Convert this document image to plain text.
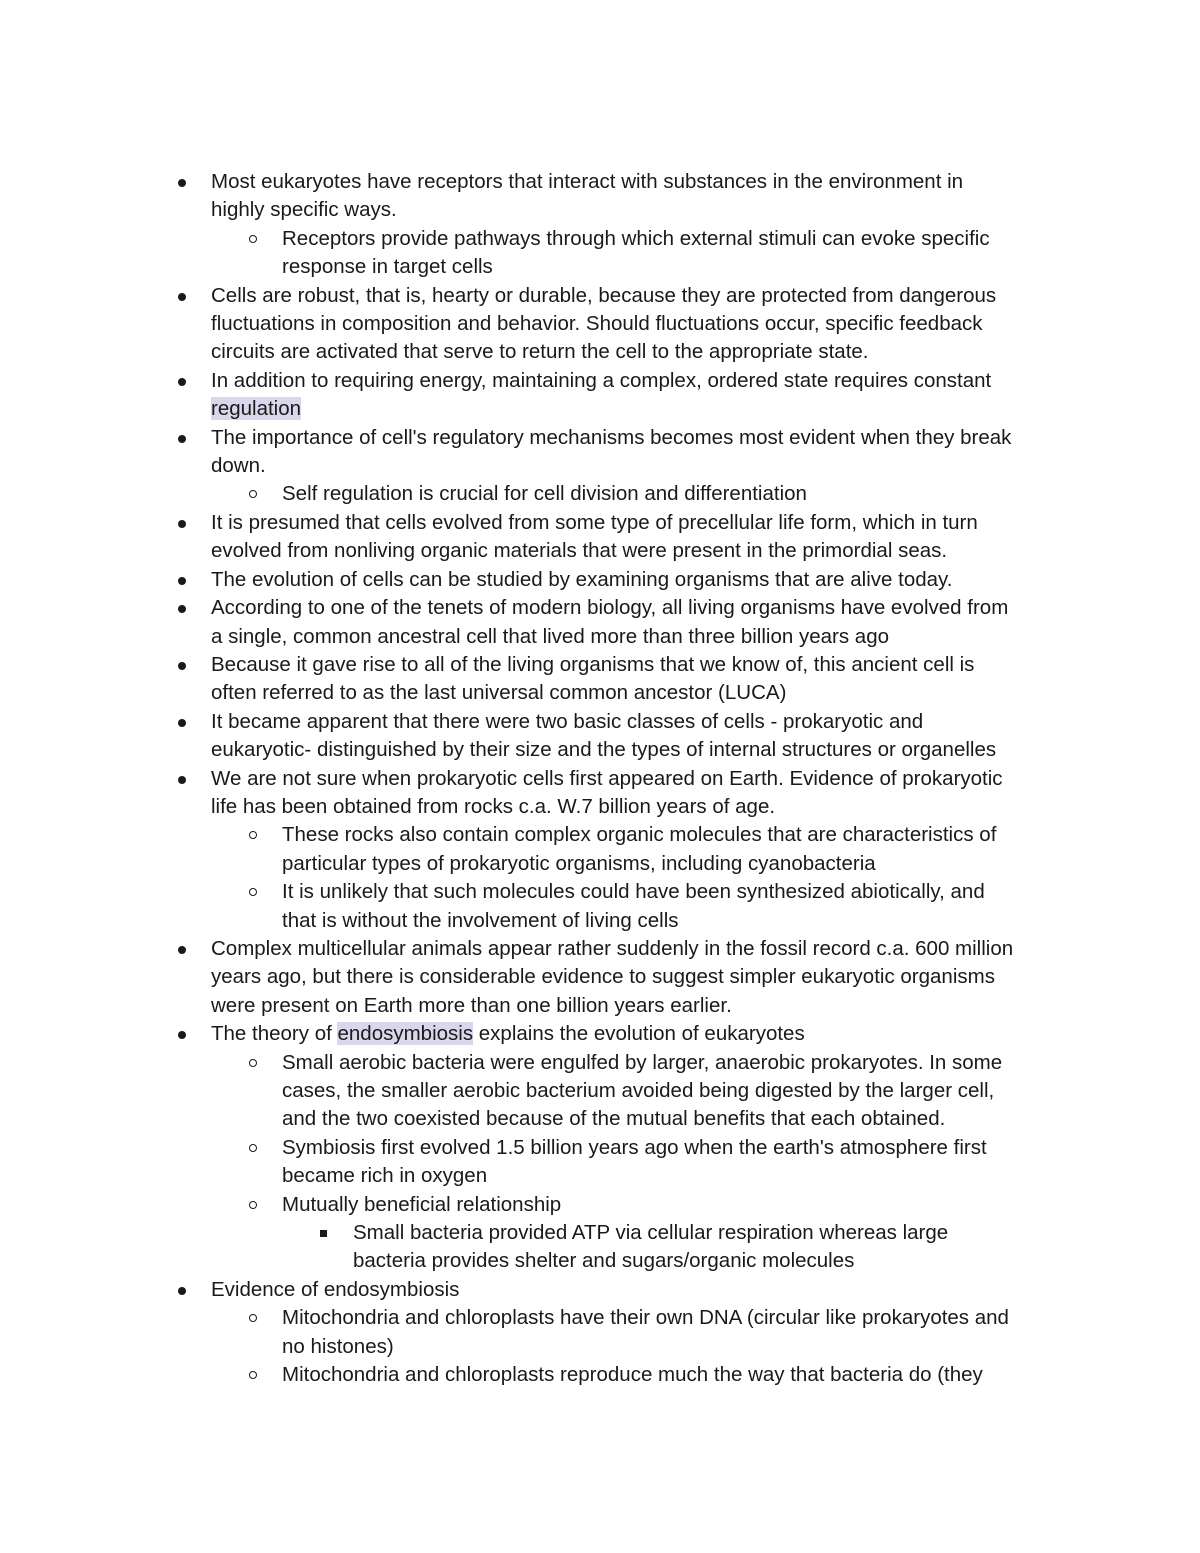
Most eukaryotes have receptors that interact with substances in the environment in
highly specific ways.
Receptors provide pathways through which external stimuli can evoke specific
response in target cells
Cells are robust, that is, hearty or durable, because they are protected from dangerous
fluctuations in composition and behavior. Should fluctuations occur, specific feedback
circuits are activated that serve to return the cell to the appropriate state.
In addition to requiring energy, maintaining a complex, ordered state requires constant
regulation
The importance of cell's regulatory mechanisms becomes most evident when they break
down.
Self regulation is crucial for cell division and differentiation
It is presumed that cells evolved from some type of precellular life form, which in turn
evolved from nonliving organic materials that were present in the primordial seas.
The evolution of cells can be studied by examining organisms that are alive today.
According to one of the tenets of modern biology, all living organisms have evolved from
a single, common ancestral cell that lived more than three billion years ago
Because it gave rise to all of the living organisms that we know of, this ancient cell is
often referred to as the last universal common ancestor (LUCA)
It became apparent that there were two basic classes of cells - prokaryotic and
eukaryotic- distinguished by their size and the types of internal structures or organelles
We are not sure when prokaryotic cells first appeared on Earth. Evidence of prokaryotic
life has been obtained from rocks c.a. W.7 billion years of age.
These rocks also contain complex organic molecules that are characteristics of
particular types of prokaryotic organisms, including cyanobacteria
It is unlikely that such molecules could have been synthesized abiotically, and
that is without the involvement of living cells
Complex multicellular animals appear rather suddenly in the fossil record c.a. 600 million
years ago, but there is considerable evidence to suggest simpler eukaryotic organisms
were present on Earth more than one billion years earlier.
The theory of endosymbiosis explains the evolution of eukaryotes
Small aerobic bacteria were engulfed by larger, anaerobic prokaryotes. In some
cases, the smaller aerobic bacterium avoided being digested by the larger cell,
and the two coexisted because of the mutual benefits that each obtained.
Symbiosis first evolved 1.5 billion years ago when the earth's atmosphere first
became rich in oxygen
Mutually beneficial relationship
Small bacteria provided ATP via cellular respiration whereas large
bacteria provides shelter and sugars/organic molecules
Evidence of endosymbiosis
Mitochondria and chloroplasts have their own DNA (circular like prokaryotes and
no histones)
Mitochondria and chloroplasts reproduce much the way that bacteria do (they
